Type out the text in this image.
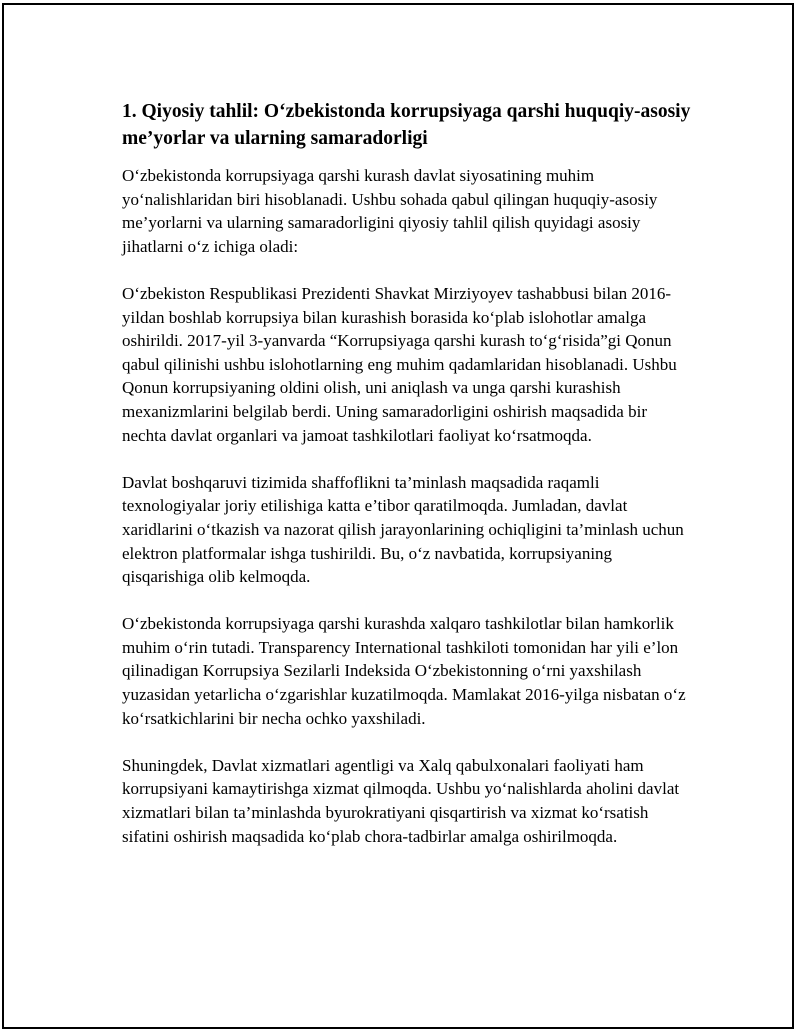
1. Qiyosiy tahlil: O‘zbekistonda korrupsiyaga qarshi huquqiy-asosiy me’yorlar va ularning samaradorligi

O‘zbekistonda korrupsiyaga qarshi kurash davlat siyosatining muhim yo‘nalishlaridan biri hisoblanadi. Ushbu sohada qabul qilingan huquqiy-asosiy me’yorlarni va ularning samaradorligini qiyosiy tahlil qilish quyidagi asosiy jihatlarni o‘z ichiga oladi:

O‘zbekiston Respublikasi Prezidenti Shavkat Mirziyoyev tashabbusi bilan 2016-yildan boshlab korrupsiya bilan kurashish borasida ko‘plab islohotlar amalga oshirildi. 2017-yil 3-yanvarda “Korrupsiyaga qarshi kurash to‘g‘risida”gi Qonun qabul qilinishi ushbu islohotlarning eng muhim qadamlaridan hisoblanadi. Ushbu Qonun korrupsiyaning oldini olish, uni aniqlash va unga qarshi kurashish mexanizmlarini belgilab berdi. Uning samaradorligini oshirish maqsadida bir nechta davlat organlari va jamoat tashkilotlari faoliyat ko‘rsatmoqda.

Davlat boshqaruvi tizimida shaffoflikni ta’minlash maqsadida raqamli texnologiyalar joriy etilishiga katta e’tibor qaratilmoqda. Jumladan, davlat xaridlarini o‘tkazish va nazorat qilish jarayonlarining ochiqligini ta’minlash uchun elektron platformalar ishga tushirildi. Bu, o‘z navbatida, korrupsiyaning qisqarishiga olib kelmoqda.

O‘zbekistonda korrupsiyaga qarshi kurashda xalqaro tashkilotlar bilan hamkorlik muhim o‘rin tutadi. Transparency International tashkiloti tomonidan har yili e’lon qilinadigan Korrupsiya Sezilarli Indeksida O‘zbekistonning o‘rni yaxshilash yuzasidan yetarlicha o‘zgarishlar kuzatilmoqda. Mamlakat 2016-yilga nisbatan o‘z ko‘rsatkichlarini bir necha ochko yaxshiladi.

Shuningdek, Davlat xizmatlari agentligi va Xalq qabulxonalari faoliyati ham korrupsiyani kamaytirishga xizmat qilmoqda. Ushbu yo‘nalishlarda aholini davlat xizmatlari bilan ta’minlashda byurokratiyani qisqartirish va xizmat ko‘rsatish sifatini oshirish maqsadida ko‘plab chora-tadbirlar amalga oshirilmoqda.
